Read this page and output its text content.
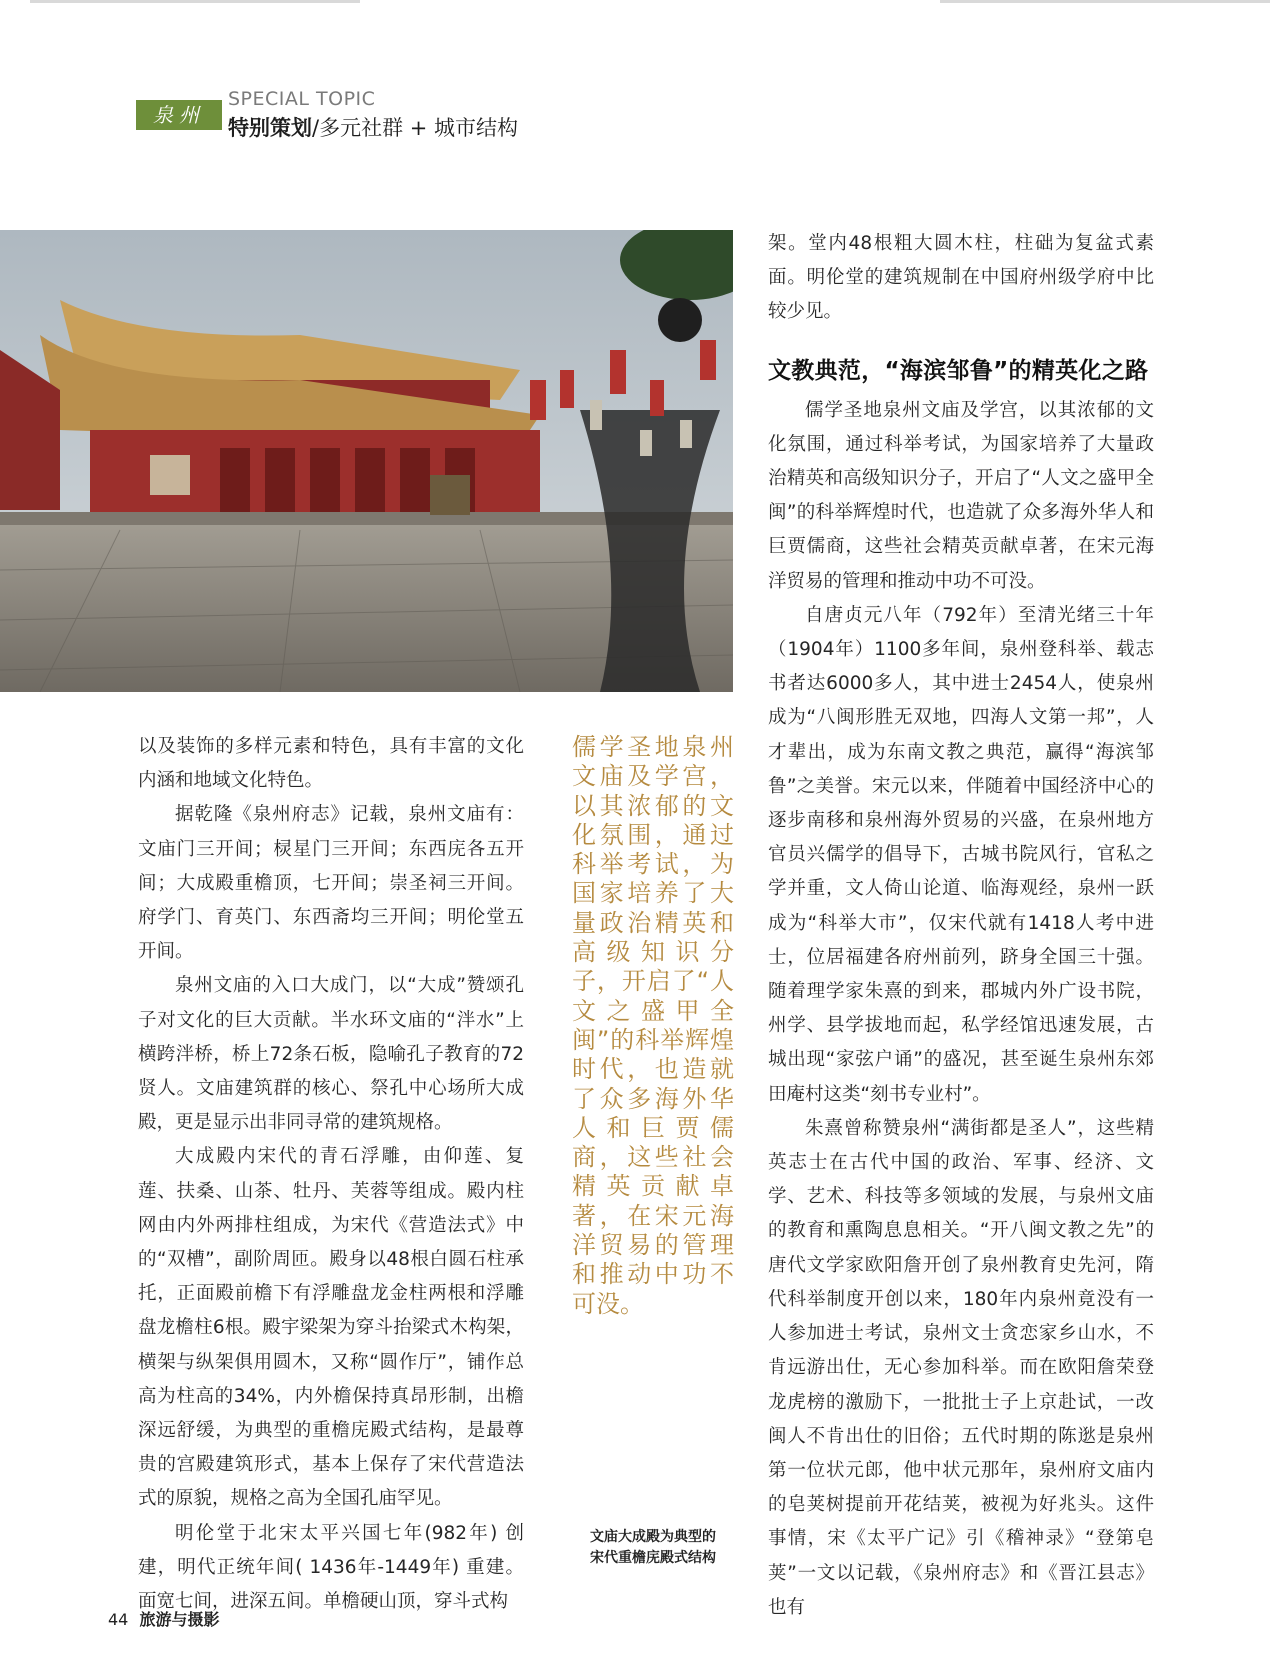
泉州
SPECIAL TOPIC
特别策划/多元社群 + 城市结构

以及装饰的多样元素和特色，具有丰富的文化内涵和地域文化特色。

据乾隆《泉州府志》记载，泉州文庙有：文庙门三开间；棂星门三开间；东西庑各五开间；大成殿重檐顶，七开间；崇圣祠三开间。府学门、育英门、东西斋均三开间；明伦堂五开间。

泉州文庙的入口大成门，以“大成”赞颂孔子对文化的巨大贡献。半水环文庙的“泮水”上横跨泮桥，桥上72条石板，隐喻孔子教育的72贤人。文庙建筑群的核心、祭孔中心场所大成殿，更是显示出非同寻常的建筑规格。

大成殿内宋代的青石浮雕，由仰莲、复莲、扶桑、山茶、牡丹、芙蓉等组成。殿内柱网由内外两排柱组成，为宋代《营造法式》中的“双槽”，副阶周匝。殿身以48根白圆石柱承托，正面殿前檐下有浮雕盘龙金柱两根和浮雕盘龙檐柱6根。殿宇梁架为穿斗抬梁式木构架，横架与纵架俱用圆木，又称“圆作厅”，铺作总高为柱高的34%，内外檐保持真昂形制，出檐深远舒缓，为典型的重檐庑殿式结构，是最尊贵的宫殿建筑形式，基本上保存了宋代营造法式的原貌，规格之高为全国孔庙罕见。

明伦堂于北宋太平兴国七年(982年) 创建，明代正统年间( 1436年-1449年) 重建。面宽七间，进深五间。单檐硬山顶，穿斗式构

儒学圣地泉州文庙及学宫，以其浓郁的文化氛围，通过科举考试，为国家培养了大量政治精英和高级知识分子，开启了“人文之盛甲全闽”的科举辉煌时代，也造就了众多海外华人和巨贾儒商，这些社会精英贡献卓著，在宋元海洋贸易的管理和推动中功不可没。
文庙大成殿为典型的
宋代重檐庑殿式结构

架。堂内48根粗大圆木柱，柱础为复盆式素面。明伦堂的建筑规制在中国府州级学府中比较少见。

文教典范，“海滨邹鲁”的精英化之路

儒学圣地泉州文庙及学宫，以其浓郁的文化氛围，通过科举考试，为国家培养了大量政治精英和高级知识分子，开启了“人文之盛甲全闽”的科举辉煌时代，也造就了众多海外华人和巨贾儒商，这些社会精英贡献卓著，在宋元海洋贸易的管理和推动中功不可没。

自唐贞元八年（792年）至清光绪三十年（1904年）1100多年间，泉州登科举、载志书者达6000多人，其中进士2454人，使泉州成为“八闽形胜无双地，四海人文第一邦”，人才辈出，成为东南文教之典范，赢得“海滨邹鲁”之美誉。宋元以来，伴随着中国经济中心的逐步南移和泉州海外贸易的兴盛，在泉州地方官员兴儒学的倡导下，古城书院风行，官私之学并重，文人倚山论道、临海观经，泉州一跃成为“科举大市”，仅宋代就有1418人考中进士，位居福建各府州前列，跻身全国三十强。随着理学家朱熹的到来，郡城内外广设书院，州学、县学拔地而起，私学经馆迅速发展，古城出现“家弦户诵”的盛况，甚至诞生泉州东郊田庵村这类“刻书专业村”。

朱熹曾称赞泉州“满街都是圣人”，这些精英志士在古代中国的政治、军事、经济、文学、艺术、科技等多领域的发展，与泉州文庙的教育和熏陶息息相关。“开八闽文教之先”的唐代文学家欧阳詹开创了泉州教育史先河，隋代科举制度开创以来，180年内泉州竟没有一人参加进士考试，泉州文士贪恋家乡山水，不肯远游出仕，无心参加科举。而在欧阳詹荣登龙虎榜的激励下，一批批士子上京赴试，一改闽人不肯出仕的旧俗；五代时期的陈逖是泉州第一位状元郎，他中状元那年，泉州府文庙内的皂荚树提前开花结荚，被视为好兆头。这件事情，宋《太平广记》引《稽神录》“登第皂荚”一文以记载，《泉州府志》和《晋江县志》也有

44 旅游与摄影
